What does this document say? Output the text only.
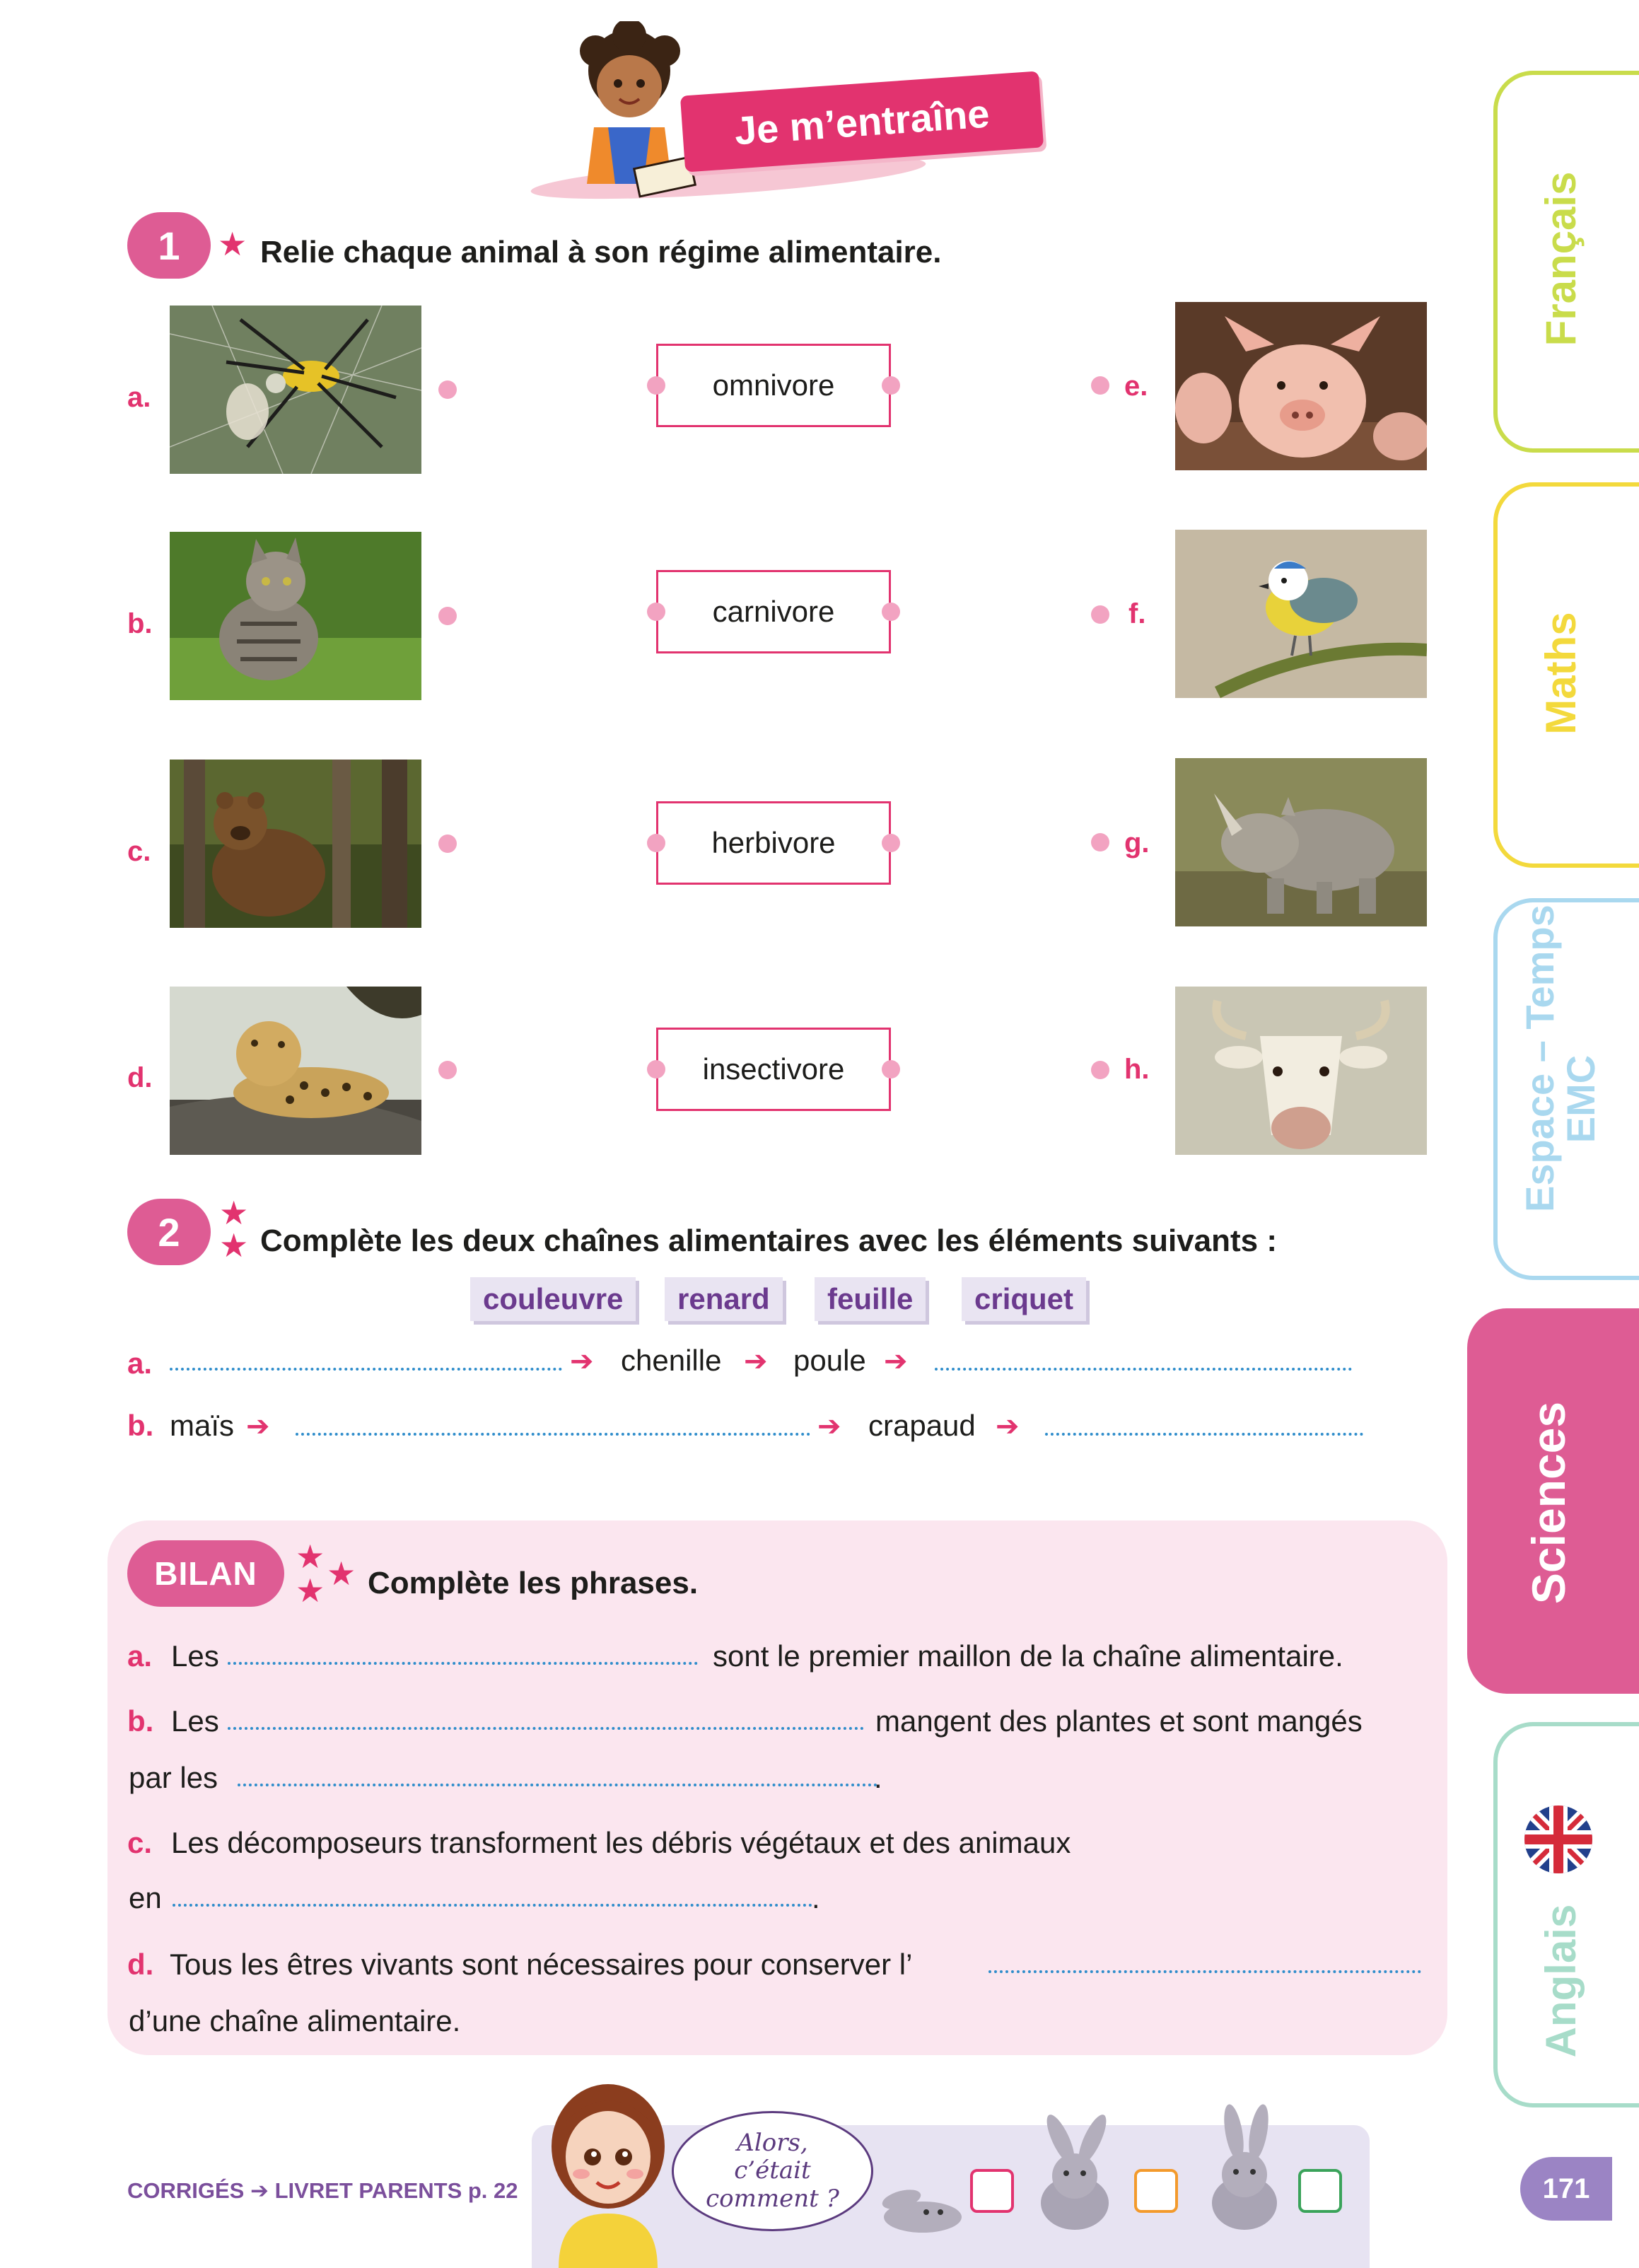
Je m’entraîne
1	★ Relie chaque animal à son régime alimentaire.
a.
b.
c.
d.
omnivore
carnivore
herbivore
insectivore
e.
f.
g.
h.
2	★
★ Complète les deux chaînes alimentaires avec les éléments suivants :
couleuvre	renard	feuille	criquet
a.	➔ chenille ➔ poule ➔
b. maïs ➔	➔ crapaud ➔
BILAN	★
★ ★ Complète les phrases.
a. Les	sont le premier maillon de la chaîne alimentaire.
b. Les	mangent des plantes et sont mangés
par les	.
c. Les décomposeurs transforment les débris végétaux et des animaux
en	.
d. Tous les êtres vivants sont nécessaires pour conserver l’
d’une chaîne alimentaire.
CORRIGÉS ➔ LIVRET PARENTS p. 22
Alors,
c’était
comment ?	171
Français
Maths
Espace – Temps
EMC
Sciences
Anglais
